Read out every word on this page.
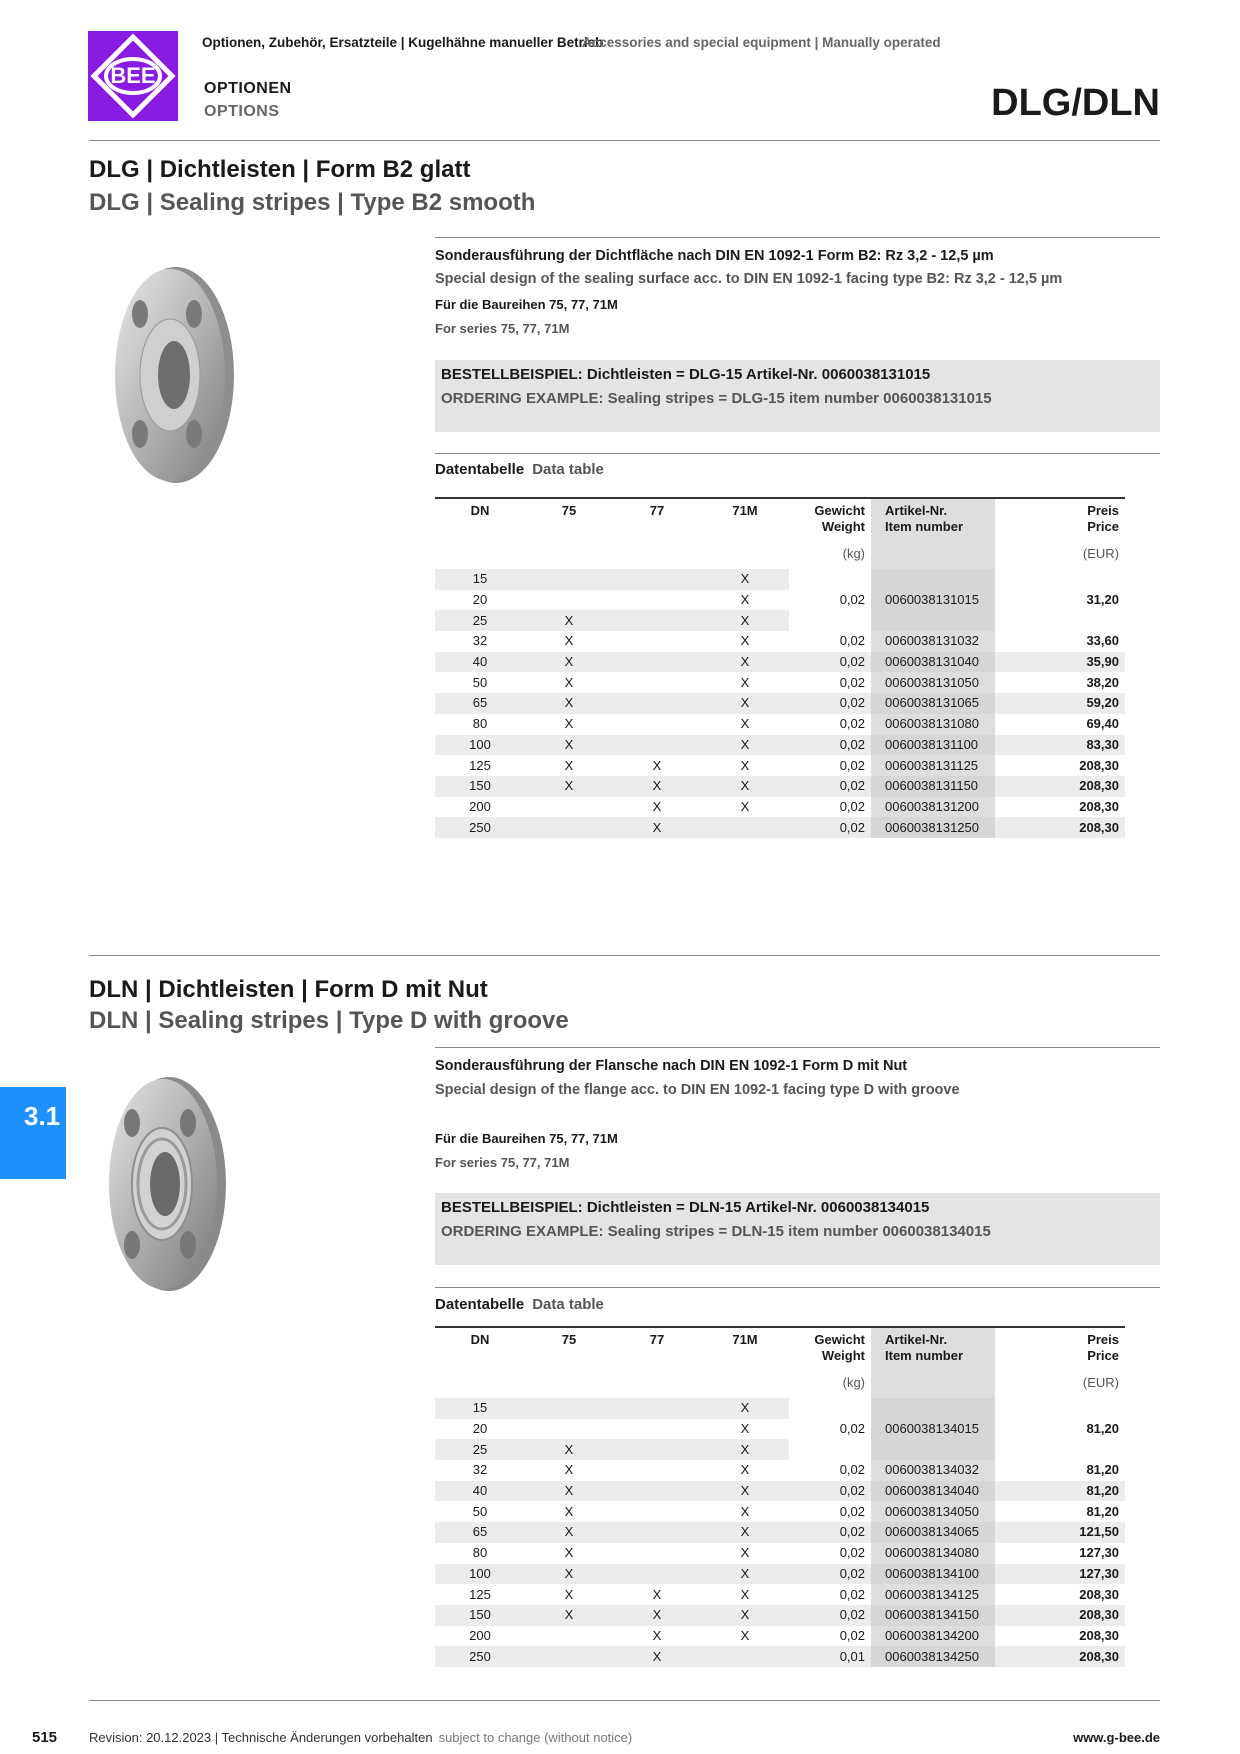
BEE
Optionen, Zubehör, Ersatzteile | Kugelhähne manueller Betrieb
Accessories and special equipment | Manually operated
OPTIONEN
OPTIONS	DLG/DLN
DLG | Dichtleisten | Form B2 glatt
DLG | Sealing stripes | Type B2 smooth
Sonderausführung der Dichtfläche nach DIN EN 1092-1 Form B2: Rz 3,2 - 12,5 µm
Special design of the sealing surface acc. to DIN EN 1092-1 facing type B2: Rz 3,2 - 12,5 µm
Für die Baureihen 75, 77, 71M
For series 75, 77, 71M
BESTELLBEISPIEL: Dichtleisten = DLG-15 Artikel-Nr. 0060038131015
ORDERING EXAMPLE: Sealing stripes = DLG-15 item number 0060038131015
Datentabelle Data table
DN	75	77	71M	Gewicht
Weight	Artikel-Nr.
Item number	Preis
Price
				(kg)		(EUR)
15			X	0,02	0060038131015	31,20
20			X			
25	X		X			
32	X		X	0,02	0060038131032	33,60
40	X		X	0,02	0060038131040	35,90
50	X		X	0,02	0060038131050	38,20
65	X		X	0,02	0060038131065	59,20
80	X		X	0,02	0060038131080	69,40
100	X		X	0,02	0060038131100	83,30
125	X	X	X	0,02	0060038131125	208,30
150	X	X	X	0,02	0060038131150	208,30
200		X	X	0,02	0060038131200	208,30
250		X		0,02	0060038131250	208,30
DLN | Dichtleisten | Form D mit Nut
DLN | Sealing stripes | Type D with groove
Sonderausführung der Flansche nach DIN EN 1092-1 Form D mit Nut
Special design of the flange acc. to DIN EN 1092-1 facing type D with groove
Für die Baureihen 75, 77, 71M
For series 75, 77, 71M
BESTELLBEISPIEL: Dichtleisten = DLN-15 Artikel-Nr. 0060038134015
ORDERING EXAMPLE: Sealing stripes = DLN-15 item number 0060038134015
Datentabelle Data table
DN	75	77	71M	Gewicht
Weight	Artikel-Nr.
Item number	Preis
Price
				(kg)		(EUR)
15			X	0,02	0060038134015	81,20
20			X			
25	X		X			
32	X		X	0,02	0060038134032	81,20
40	X		X	0,02	0060038134040	81,20
50	X		X	0,02	0060038134050	81,20
65	X		X	0,02	0060038134065	121,50
80	X		X	0,02	0060038134080	127,30
100	X		X	0,02	0060038134100	127,30
125	X	X	X	0,02	0060038134125	208,30
150	X	X	X	0,02	0060038134150	208,30
200		X	X	0,02	0060038134200	208,30
250		X		0,01	0060038134250	208,30
3.1
515 Revision: 20.12.2023 | Technische Änderungen vorbehalten subject to change (without notice)	www.g-bee.de
